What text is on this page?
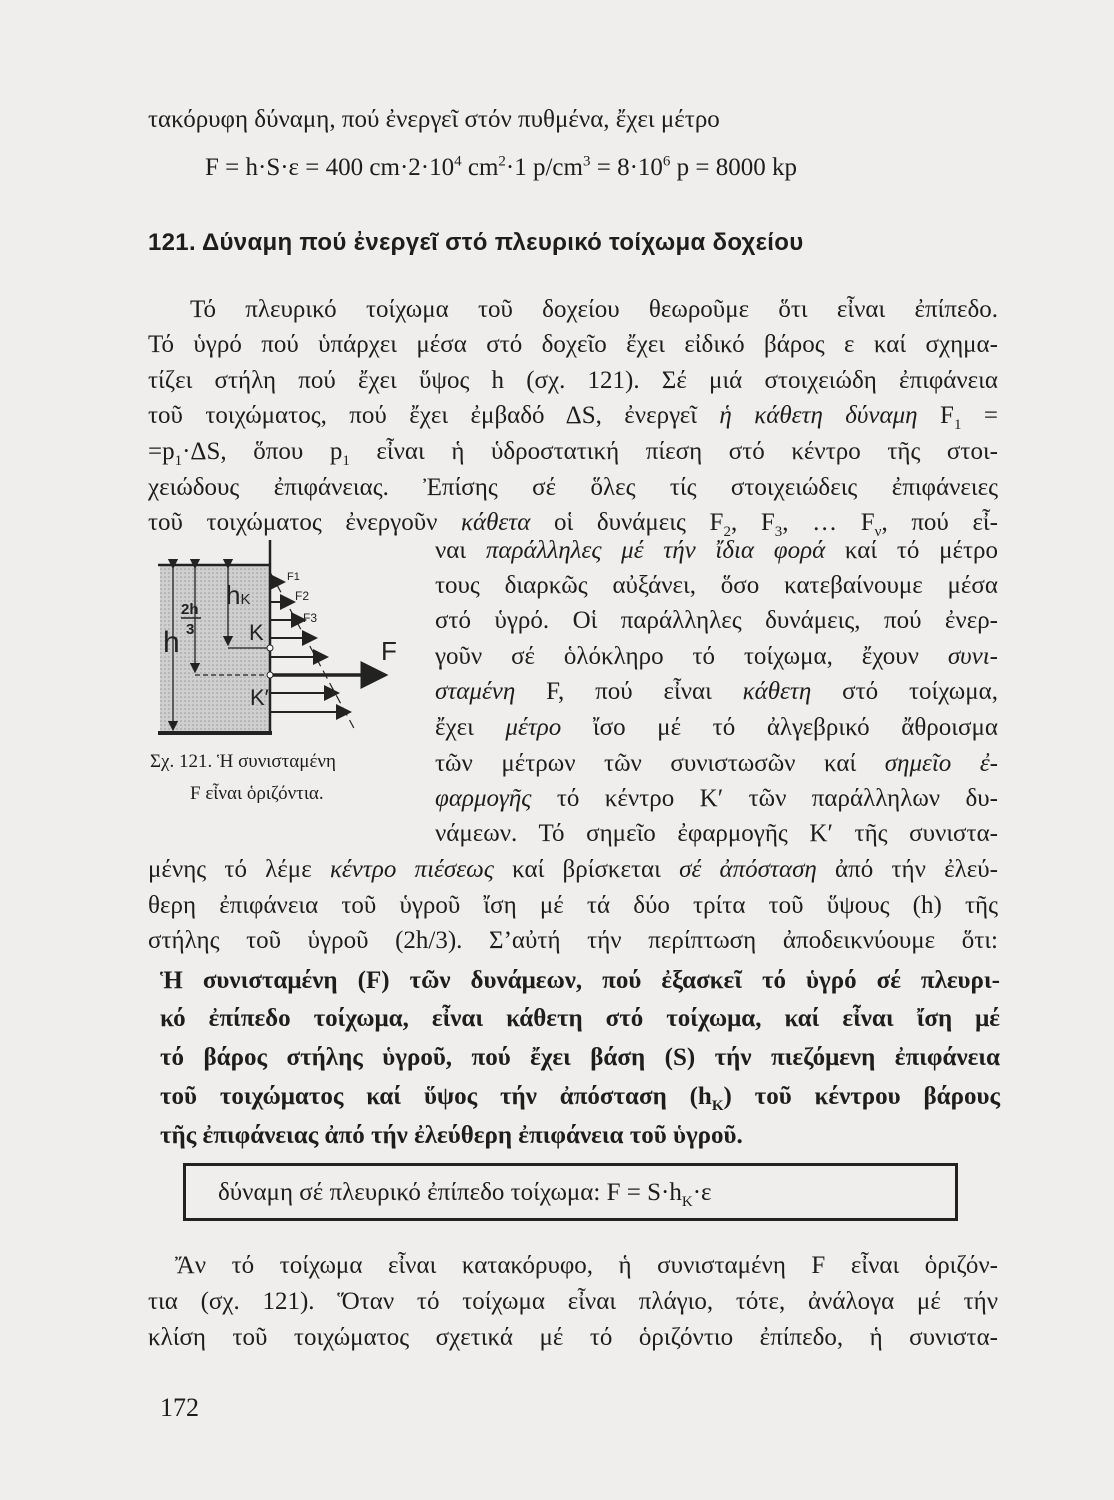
τακόρυφη δύναμη, πού ἐνεργεῖ στόν πυθμένα, ἔχει μέτρο
F = h·S·ε = 400 $cm\cdot 2\cdot 10^4$ $cm^2\cdot 1$ $p/cm^3 = 8\cdot 10^6$ p = 8000 kp
121. Δύναμη πού ἐνεργεῖ στό πλευρικό τοίχωμα δοχείου
Τό πλευρικό τοίχωμα τοῦ δοχείου θεωροῦμε ὅτι εἶναι ἐπίπεδο.
Τό ὑγρό πού ὑπάρχει μέσα στό δοχεῖο ἔχει εἰδικό βάρος ε καί σχημα-
τίζει στήλη πού ἔχει ὕψος h (σχ. 121). Σέ μιά στοιχειώδη ἐπιφάνεια
τοῦ τοιχώματος, πού ἔχει ἐμβαδό ΔS, ἐνεργεῖ ἡ κάθετη δύναμη $F_1$ =
$=p_1\cdot\Delta S$, ὅπου $p_1$ εἶναι ἡ ὑδροστατική πίεση στό κέντρο τῆς στοι-
χειώδους ἐπιφάνειας. Ἐπίσης σέ ὅλες τίς στοιχειώδεις ἐπιφάνειες
τοῦ τοιχώματος ἐνεργοῦν κάθετα οἱ δυνάμεις $F_2$, $F_3$, … $F_\nu$, πού εἶ-
ναι παράλληλες μέ τήν ἴδια φορά καί τό μέτρο
τους διαρκῶς αὐξάνει, ὅσο κατεβαίνουμε μέσα
στό ὑγρό. Οἱ παράλληλες δυνάμεις, πού ἐνερ-
γοῦν σέ ὁλόκληρο τό τοίχωμα, ἔχουν συνι-
σταμένη F, πού εἶναι κάθετη στό τοίχωμα,
ἔχει μέτρο ἴσο μέ τό ἀλγεβρικό ἄθροισμα
τῶν μέτρων τῶν συνιστωσῶν καί σημεῖο ἐ-
φαρμογῆς τό κέντρο Κ′ τῶν παράλληλων δυ-
νάμεων. Τό σημεῖο ἐφαρμογῆς Κ′ τῆς συνιστα-
μένης τό λέμε κέντρο πιέσεως καί βρίσκεται σέ ἀπόσταση ἀπό τήν ἐλεύ-
θερη ἐπιφάνεια τοῦ ὑγροῦ ἴση μέ τά δύο τρίτα τοῦ ὕψους (h) τῆς
στήλης τοῦ ὑγροῦ (2h/3). Σ’αὐτή τήν περίπτωση ἀποδεικνύουμε ὅτι:
Ἡ συνισταμένη (F) τῶν δυνάμεων, πού ἐξασκεῖ τό ὑγρό σέ πλευρι-
κό ἐπίπεδο τοίχωμα, εἶναι κάθετη στό τοίχωμα, καί εἶναι ἴση μέ
τό βάρος στήλης ὑγροῦ, πού ἔχει βάση (S) τήν πιεζόμενη ἐπιφάνεια
τοῦ τοιχώματος καί ὕψος τήν ἀπόσταση $(h_K)$ τοῦ κέντρου βάρους
τῆς ἐπιφάνειας ἀπό τήν ἐλεύθερη ἐπιφάνεια τοῦ ὑγροῦ.
δύναμη σέ πλευρικό ἐπίπεδο τοίχωμα: $F = S\cdot h_K\cdot\varepsilon$
Ἄν τό τοίχωμα εἶναι κατακόρυφο, ἡ συνισταμένη F εἶναι ὁριζόν-
τια (σχ. 121). Ὅταν τό τοίχωμα εἶναι πλάγιο, τότε, ἀνάλογα μέ τήν
κλίση τοῦ τοιχώματος σχετικά μέ τό ὁριζόντιο ἐπίπεδο, ἡ συνιστα-
h
2h
3
hK
K
K′
F
F1
F2
F3
Σχ. 121. Ἡ συνισταμένη
F εἶναι ὁριζόντια.
172
